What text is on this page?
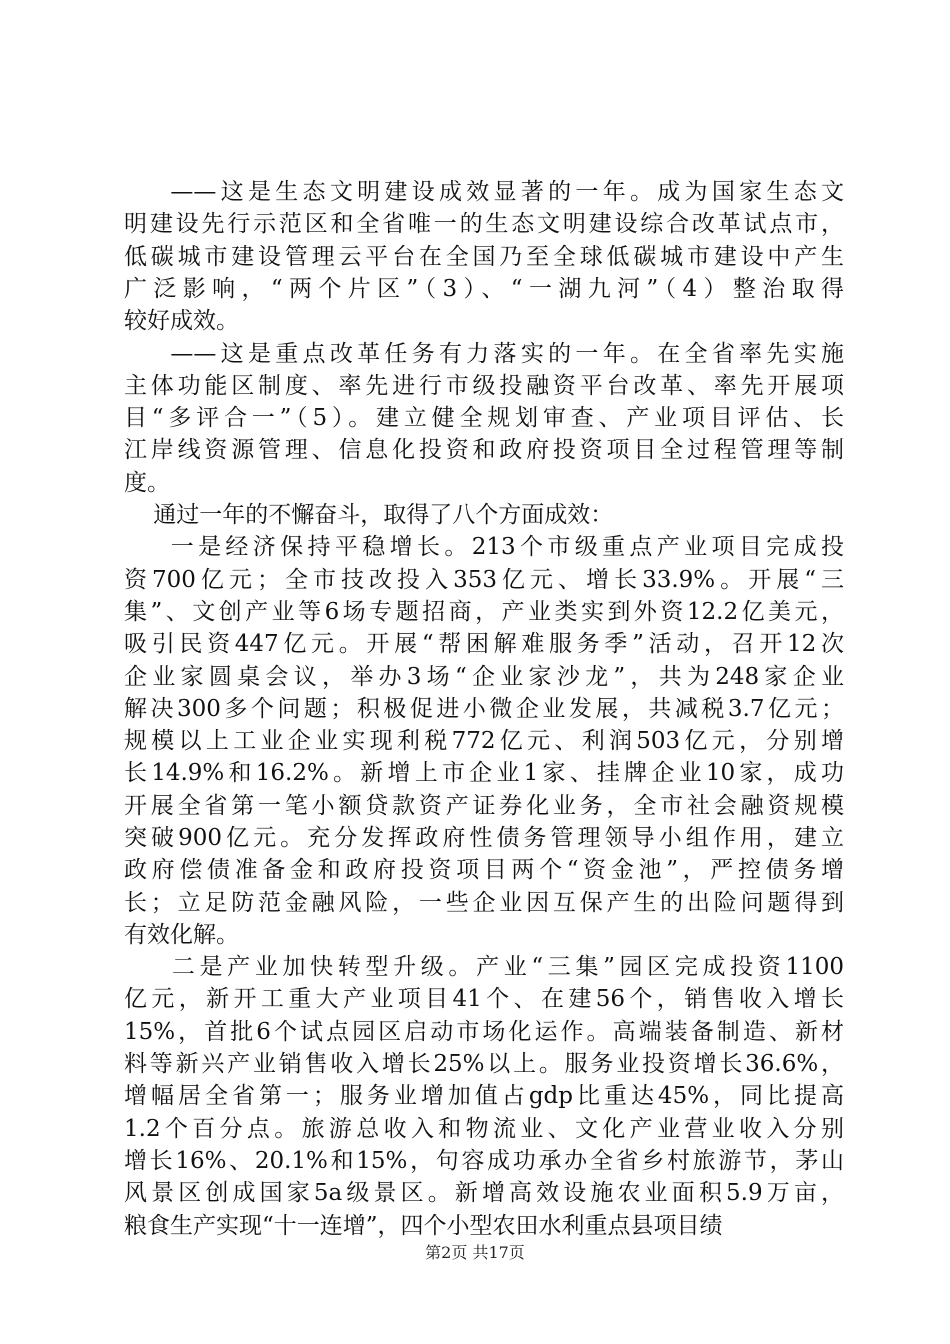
——这是生态文明建设成效显著的一年。成为国家生态文
明建设先行示范区和全省唯一的生态文明建设综合改革试点市，
低碳城市建设管理云平台在全国乃至全球低碳城市建设中产生
广泛影响，“两个片区”（3）、“一湖九河”（4）整治取得
较好成效。
——这是重点改革任务有力落实的一年。在全省率先实施
主体功能区制度、率先进行市级投融资平台改革、率先开展项
目“多评合一”（5）。建立健全规划审查、产业项目评估、长
江岸线资源管理、信息化投资和政府投资项目全过程管理等制
度。
通过一年的不懈奋斗，取得了八个方面成效：
一是经济保持平稳增长。213个市级重点产业项目完成投
资700亿元；全市技改投入353亿元、增长33.9%。开展“三
集”、文创产业等6场专题招商，产业类实到外资12.2亿美元，
吸引民资447亿元。开展“帮困解难服务季”活动，召开12次
企业家圆桌会议，举办3场“企业家沙龙”，共为248家企业
解决300多个问题；积极促进小微企业发展，共减税3.7亿元；
规模以上工业企业实现利税772亿元、利润503亿元，分别增
长14.9%和16.2%。新增上市企业1家、挂牌企业10家，成功
开展全省第一笔小额贷款资产证券化业务，全市社会融资规模
突破900亿元。充分发挥政府性债务管理领导小组作用，建立
政府偿债准备金和政府投资项目两个“资金池”，严控债务增
长；立足防范金融风险，一些企业因互保产生的出险问题得到
有效化解。
二是产业加快转型升级。产业“三集”园区完成投资1100
亿元，新开工重大产业项目41个、在建56个，销售收入增长
15%，首批6个试点园区启动市场化运作。高端装备制造、新材
料等新兴产业销售收入增长25%以上。服务业投资增长36.6%，
增幅居全省第一；服务业增加值占gdp比重达45%，同比提高
1.2个百分点。旅游总收入和物流业、文化产业营业收入分别
增长16%、20.1%和15%，句容成功承办全省乡村旅游节，茅山
风景区创成国家5a级景区。新增高效设施农业面积5.9万亩，
粮食生产实现“十一连增”，四个小型农田水利重点县项目绩
第2页 共17页
